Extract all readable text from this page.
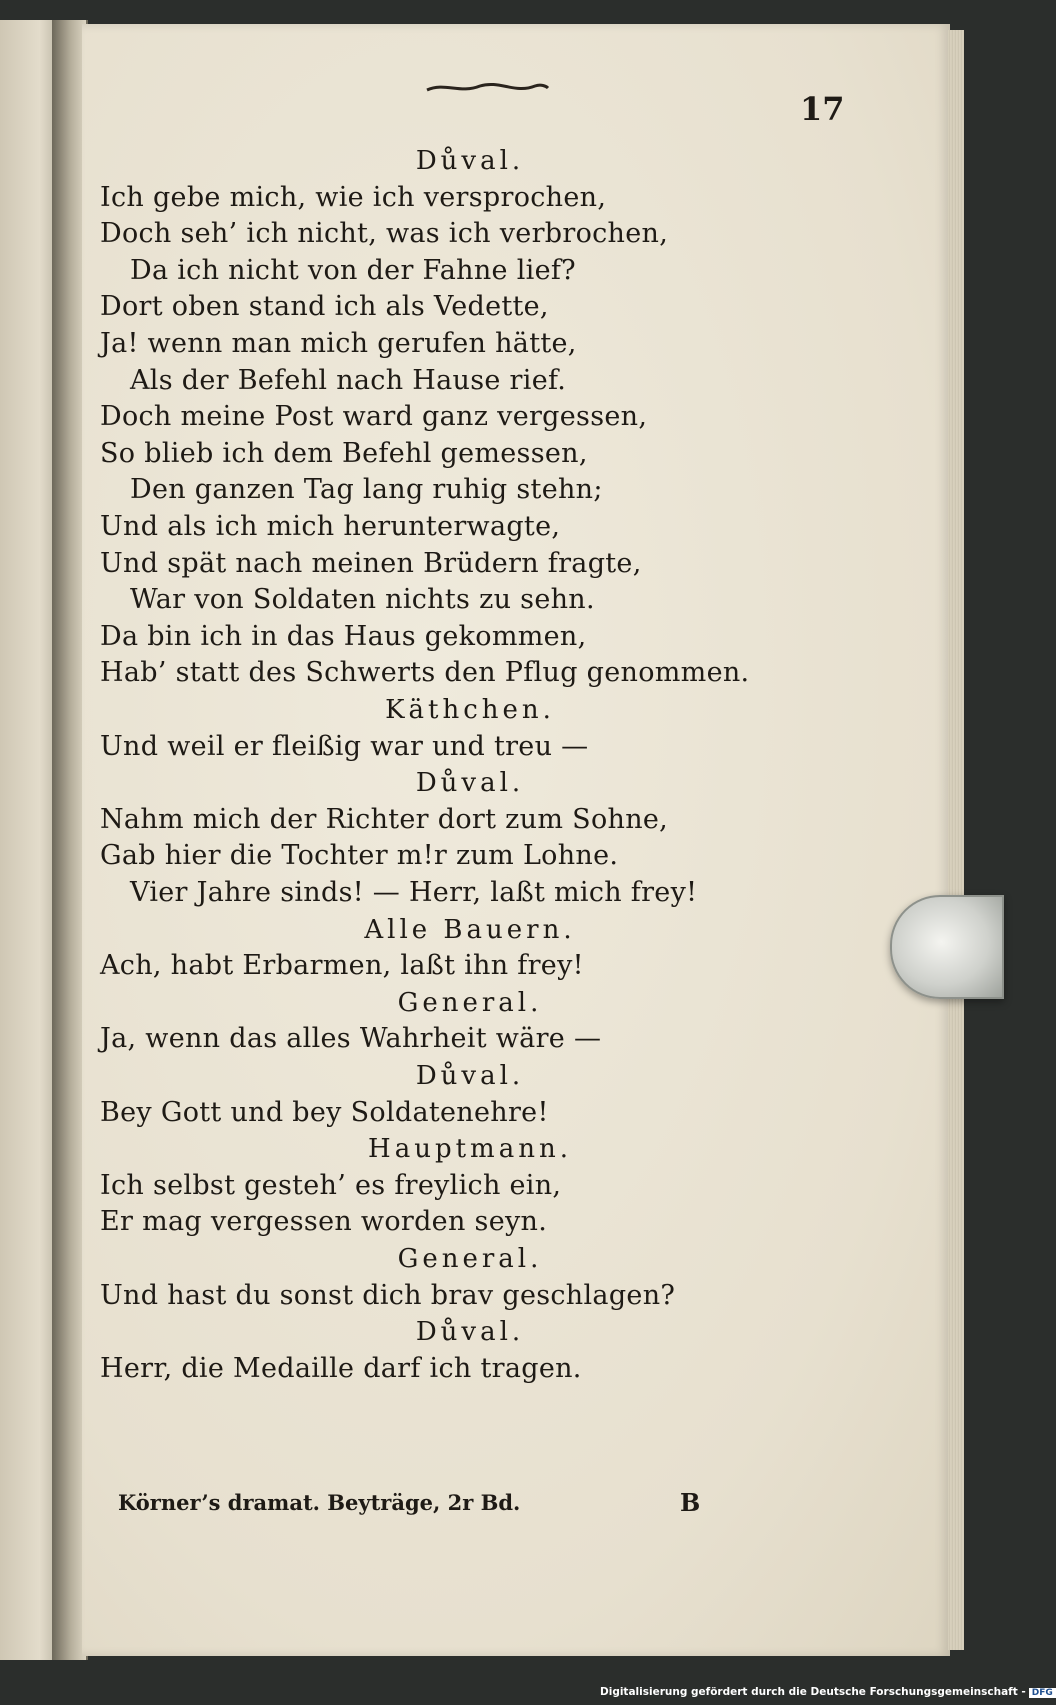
17
Důval.
Ich gebe mich, wie ich versprochen,
Doch seh’ ich nicht, was ich verbrochen,
Da ich nicht von der Fahne lief?
Dort oben stand ich als Vedette,
Ja! wenn man mich gerufen hätte,
Als der Befehl nach Hause rief.
Doch meine Post ward ganz vergessen,
So blieb ich dem Befehl gemessen,
Den ganzen Tag lang ruhig stehn;
Und als ich mich herunterwagte,
Und spät nach meinen Brüdern fragte,
War von Soldaten nichts zu sehn.
Da bin ich in das Haus gekommen,
Hab’ statt des Schwerts den Pflug genommen.
Käthchen.
Und weil er fleißig war und treu —
Důval.
Nahm mich der Richter dort zum Sohne,
Gab hier die Tochter m!r zum Lohne.
Vier Jahre sinds! — Herr, laßt mich frey!
Alle Bauern.
Ach, habt Erbarmen, laßt ihn frey!
General.
Ja, wenn das alles Wahrheit wäre —
Důval.
Bey Gott und bey Soldatenehre!
Hauptmann.
Ich selbst gesteh’ es freylich ein,
Er mag vergessen worden seyn.
General.
Und hast du sonst dich brav geschlagen?
Důval.
Herr, die Medaille darf ich tragen.
Körner’s dramat. Beyträge, 2r Bd.	B
Digitalisierung gefördert durch die Deutsche Forschungsgemeinschaft - DFG
